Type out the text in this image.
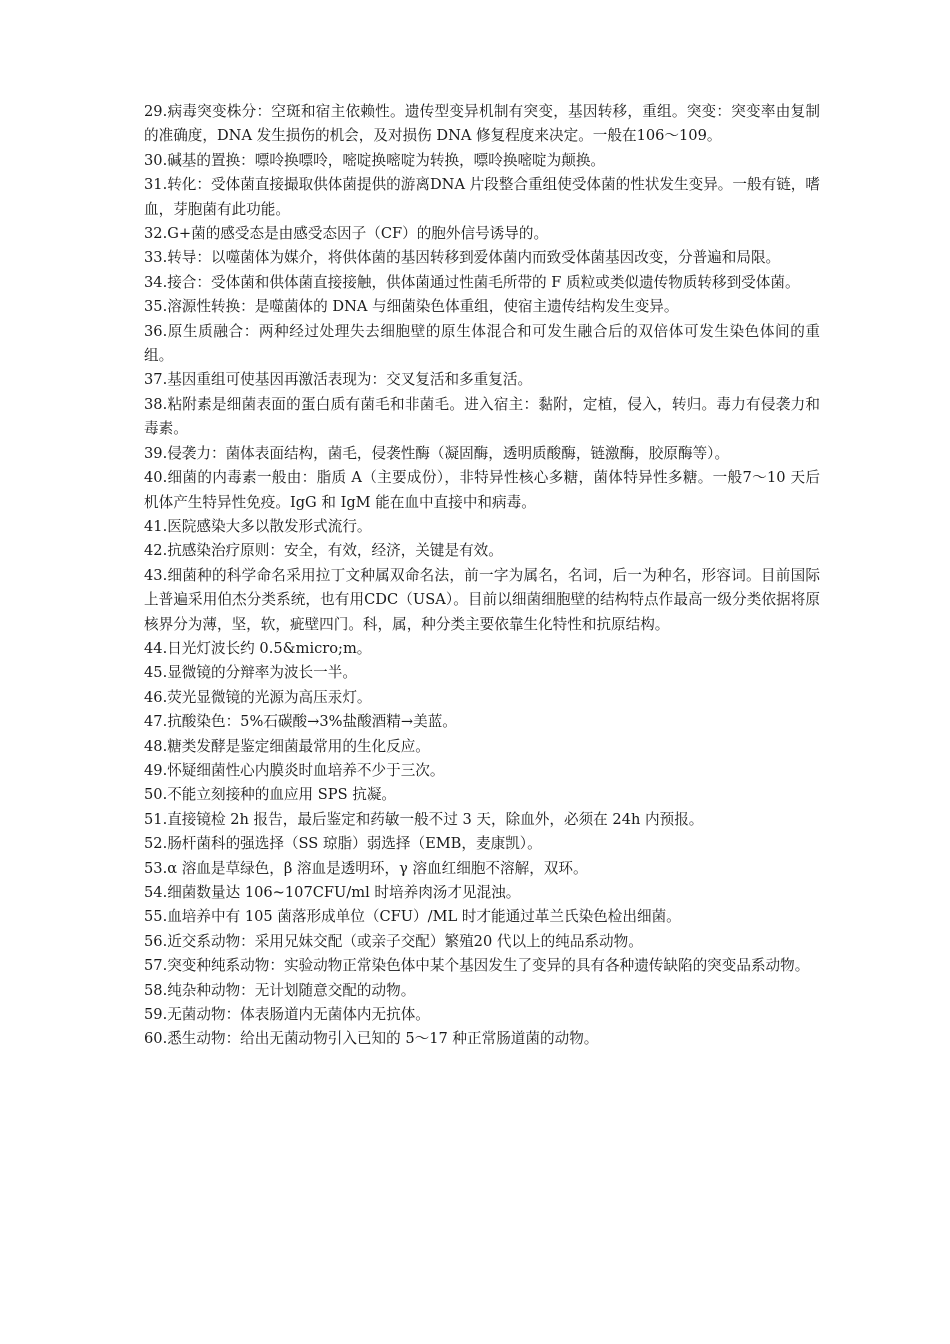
29.病毒突变株分：空斑和宿主依赖性。遗传型变异机制有突变，基因转移，重组。突变：突变率由复制的准确度，DNA 发生损伤的机会，及对损伤 DNA 修复程度来决定。一般在106～109。

30.碱基的置换：嘌呤换嘌呤，嘧啶换嘧啶为转换，嘌呤换嘧啶为颠换。

31.转化：受体菌直接撮取供体菌提供的游离DNA 片段整合重组使受体菌的性状发生变异。一般有链，嗜血，芽胞菌有此功能。

32.G+菌的感受态是由感受态因子（CF）的胞外信号诱导的。

33.转导：以噬菌体为媒介，将供体菌的基因转移到爱体菌内而致受体菌基因改变，分普遍和局限。

34.接合：受体菌和供体菌直接接触，供体菌通过性菌毛所带的 F 质粒或类似遗传物质转移到受体菌。

35.溶源性转换：是噬菌体的 DNA 与细菌染色体重组，使宿主遗传结构发生变异。

36.原生质融合：两种经过处理失去细胞壁的原生体混合和可发生融合后的双倍体可发生染色体间的重组。

37.基因重组可使基因再激活表现为：交叉复活和多重复活。

38.粘附素是细菌表面的蛋白质有菌毛和非菌毛。进入宿主：黏附，定植，侵入，转归。毒力有侵袭力和毒素。

39.侵袭力：菌体表面结构，菌毛，侵袭性酶（凝固酶，透明质酸酶，链激酶，胶原酶等）。

40.细菌的内毒素一般由：脂质 A（主要成份），非特异性核心多糖，菌体特异性多糖。一般7～10 天后机体产生特异性免疫。IgG 和 IgM 能在血中直接中和病毒。

41.医院感染大多以散发形式流行。

42.抗感染治疗原则：安全，有效，经济，关键是有效。

43.细菌种的科学命名采用拉丁文种属双命名法，前一字为属名，名词，后一为种名，形容词。目前国际上普遍采用伯杰分类系统，也有用CDC（USA）。目前以细菌细胞壁的结构特点作最高一级分类依据将原核界分为薄，坚，软，疵壁四门。科，属，种分类主要依靠生化特性和抗原结构。

44.日光灯波长约 0.5&micro;m。

45.显微镜的分辩率为波长一半。

46.荧光显微镜的光源为高压汞灯。

47.抗酸染色：5%石碳酸→3%盐酸酒精→美蓝。

48.糖类发酵是鉴定细菌最常用的生化反应。

49.怀疑细菌性心内膜炎时血培养不少于三次。

50.不能立刻接种的血应用 SPS 抗凝。

51.直接镜检 2h 报告，最后鉴定和药敏一般不过 3 天，除血外，必须在 24h 内预报。

52.肠杆菌科的强选择（SS 琼脂）弱选择（EMB，麦康凯）。

53.α 溶血是草绿色，β 溶血是透明环，γ 溶血红细胞不溶解，双环。

54.细菌数量达 106~107CFU/ml 时培养肉汤才见混浊。

55.血培养中有 105 菌落形成单位（CFU）/ML 时才能通过革兰氏染色检出细菌。

56.近交系动物：采用兄妹交配（或亲子交配）繁殖20 代以上的纯品系动物。

57.突变种纯系动物：实验动物正常染色体中某个基因发生了变异的具有各种遗传缺陷的突变品系动物。

58.纯杂种动物：无计划随意交配的动物。

59.无菌动物：体表肠道内无菌体内无抗体。

60.悉生动物：给出无菌动物引入已知的 5～17 种正常肠道菌的动物。
